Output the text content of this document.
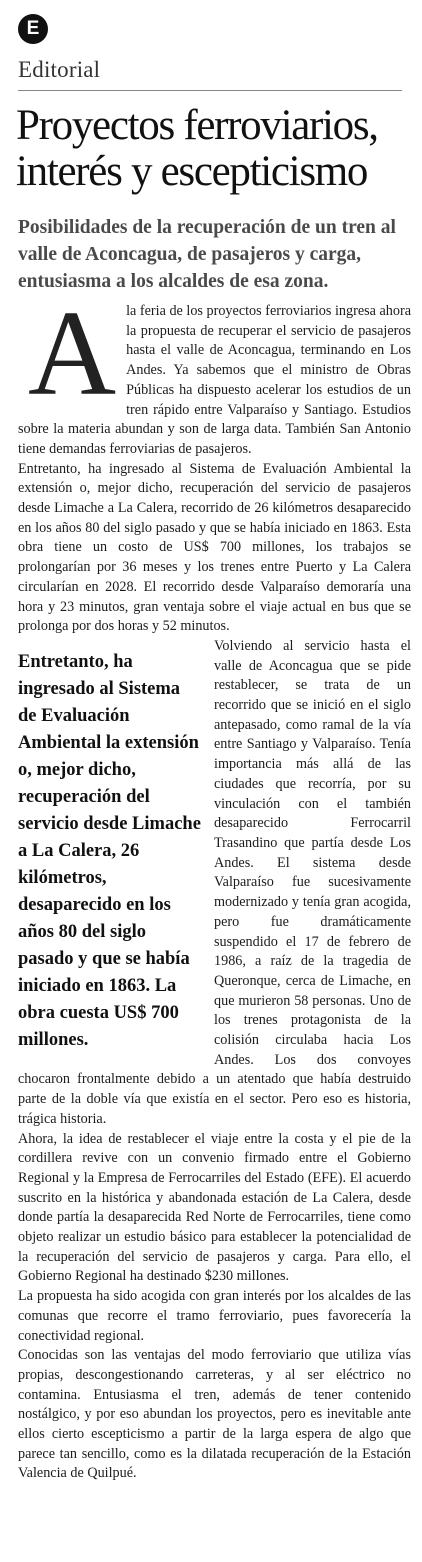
E
Editorial
Proyectos ferroviarios, interés y escepticismo

Posibilidades de la recuperación de un tren al valle de Aconcagua, de pasajeros y carga, entusiasma a los alcaldes de esa zona.

A la feria de los proyectos ferroviarios ingresa ahora la propuesta de recuperar el servicio de pasajeros hasta el valle de Aconcagua, terminando en Los Andes. Ya sabemos que el ministro de Obras Públicas ha dispuesto acelerar los estudios de un tren rápido entre Valparaíso y Santiago. Estudios sobre la materia abundan y son de larga data. También San Antonio tiene demandas ferroviarias de pasajeros.

Entretanto, ha ingresado al Sistema de Evaluación Ambiental la extensión o, mejor dicho, recuperación del servicio de pasajeros desde Limache a La Calera, recorrido de 26 kilómetros desaparecido en los años 80 del siglo pasado y que se había iniciado en 1863. Esta obra tiene un costo de US$ 700 millones, los trabajos se prolongarían por 36 meses y los trenes entre Puerto y La Calera circularían en 2028. El recorrido desde Valparaíso demoraría una hora y 23 minutos, gran ventaja sobre el viaje actual en bus que se prolonga por dos horas y 52 minutos.

Entretanto, ha ingresado al Sistema de Evaluación Ambiental la extensión o, mejor dicho, recuperación del servicio desde Limache a La Calera, 26 kilómetros, desaparecido en los años 80 del siglo pasado y que se había iniciado en 1863. La obra cuesta US$ 700 millones.

Volviendo al servicio hasta el valle de Aconcagua que se pide restablecer, se trata de un recorrido que se inició en el siglo antepasado, como ramal de la vía entre Santiago y Valparaíso. Tenía importancia más allá de las ciudades que recorría, por su vinculación con el también desaparecido Ferrocarril Trasandino que partía desde Los Andes. El sistema desde Valparaíso fue sucesivamente modernizado y tenía gran acogida, pero fue dramáticamente suspendido el 17 de febrero de 1986, a raíz de la tragedia de Queronque, cerca de Limache, en que murieron 58 personas. Uno de los trenes protagonista de la colisión circulaba hacia Los Andes. Los dos convoyes chocaron frontalmente debido a un atentado que había destruido parte de la doble vía que existía en el sector. Pero eso es historia, trágica historia.

Ahora, la idea de restablecer el viaje entre la costa y el pie de la cordillera revive con un convenio firmado entre el Gobierno Regional y la Empresa de Ferrocarriles del Estado (EFE). El acuerdo suscrito en la histórica y abandonada estación de La Calera, desde donde partía la desaparecida Red Norte de Ferrocarriles, tiene como objeto realizar un estudio básico para establecer la potencialidad de la recuperación del servicio de pasajeros y carga. Para ello, el Gobierno Regional ha destinado $230 millones.

La propuesta ha sido acogida con gran interés por los alcaldes de las comunas que recorre el tramo ferroviario, pues favorecería la conectividad regional.

Conocidas son las ventajas del modo ferroviario que utiliza vías propias, descongestionando carreteras, y al ser eléctrico no contamina. Entusiasma el tren, además de tener contenido nostálgico, y por eso abundan los proyectos, pero es inevitable ante ellos cierto escepticismo a partir de la larga espera de algo que parece tan sencillo, como es la dilatada recuperación de la Estación Valencia de Quilpué.
